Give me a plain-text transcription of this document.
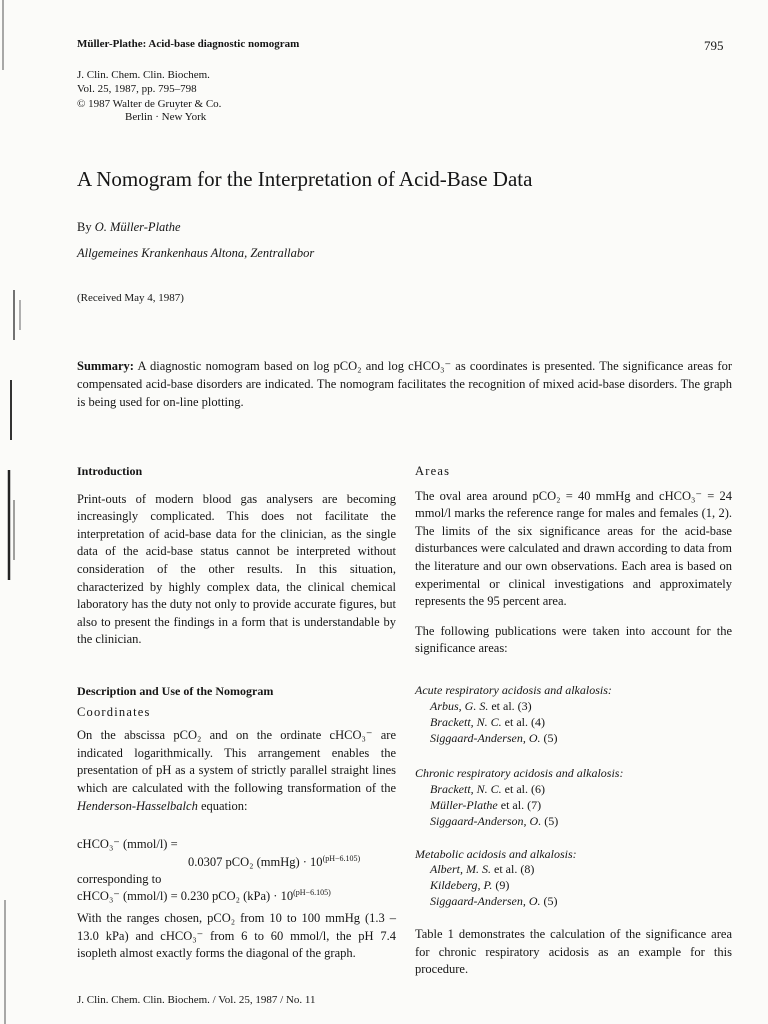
Müller-Plathe: Acid-base diagnostic nomogram	795
J. Clin. Chem. Clin. Biochem.
Vol. 25, 1987, pp. 795–798
© 1987 Walter de Gruyter & Co.
Berlin · New York
A Nomogram for the Interpretation of Acid-Base Data
By O. Müller-Plathe
Allgemeines Krankenhaus Altona, Zentrallabor
(Received May 4, 1987)
Summary: A diagnostic nomogram based on log pCO₂ and log cHCO₃⁻ as coordinates is presented. The significance areas for compensated acid-base disorders are indicated. The nomogram facilitates the recognition of mixed acid-base disorders. The graph is being used for on-line plotting.
Introduction

Print-outs of modern blood gas analysers are becoming increasingly complicated. This does not facilitate the interpretation of acid-base data for the clinician, as the single data of the acid-base status cannot be interpreted without consideration of the other results. In this situation, characterized by highly complex data, the clinical chemical laboratory has the duty not only to provide accurate figures, but also to present the findings in a form that is understandable by the clinician.

Description and Use of the Nomogram
Coordinates

On the abscissa pCO₂ and on the ordinate cHCO₃⁻ are indicated logarithmically. This arrangement enables the presentation of pH as a system of strictly parallel straight lines which are calculated with the following transformation of the Henderson-Hasselbalch equation:

cHCO₃⁻ (mmol/l) =
0.0307 pCO₂ (mmHg) · $10^{(pH-6.105)}$
corresponding to
cHCO₃⁻ (mmol/l) = 0.230 pCO₂ $(kPa) \cdot 10^{(pH-6.105)}$
With the ranges chosen, pCO₂ from 10 to 100 mmHg (1.3 – 13.0 kPa) and cHCO₃⁻ from 6 to 60 mmol/l, the pH 7.4 isopleth almost exactly forms the diagonal of the graph.
Areas

The oval area around pCO₂ = 40 mmHg and cHCO₃⁻ = 24 mmol/l marks the reference range for males and females (1, 2). The limits of the six significance areas for the acid-base disturbances were calculated and drawn according to data from the literature and our own observations. Each area is based on experimental or clinical investigations and approximately represents the 95 percent area.

The following publications were taken into account for the significance areas:

Acute respiratory acidosis and alkalosis:
Arbus, G. S. et al. (3)
Brackett, N. C. et al. (4)
Siggaard-Andersen, O. (5)
Chronic respiratory acidosis and alkalosis:
Brackett, N. C. et al. (6)
Müller-Plathe et al. (7)
Siggaard-Anderson, O. (5)
Metabolic acidosis and alkalosis:
Albert, M. S. et al. (8)
Kildeberg, P. (9)
Siggaard-Andersen, O. (5)
Table 1 demonstrates the calculation of the significance area for chronic respiratory acidosis as an example for this procedure.
J. Clin. Chem. Clin. Biochem. / Vol. 25, 1987 / No. 11
